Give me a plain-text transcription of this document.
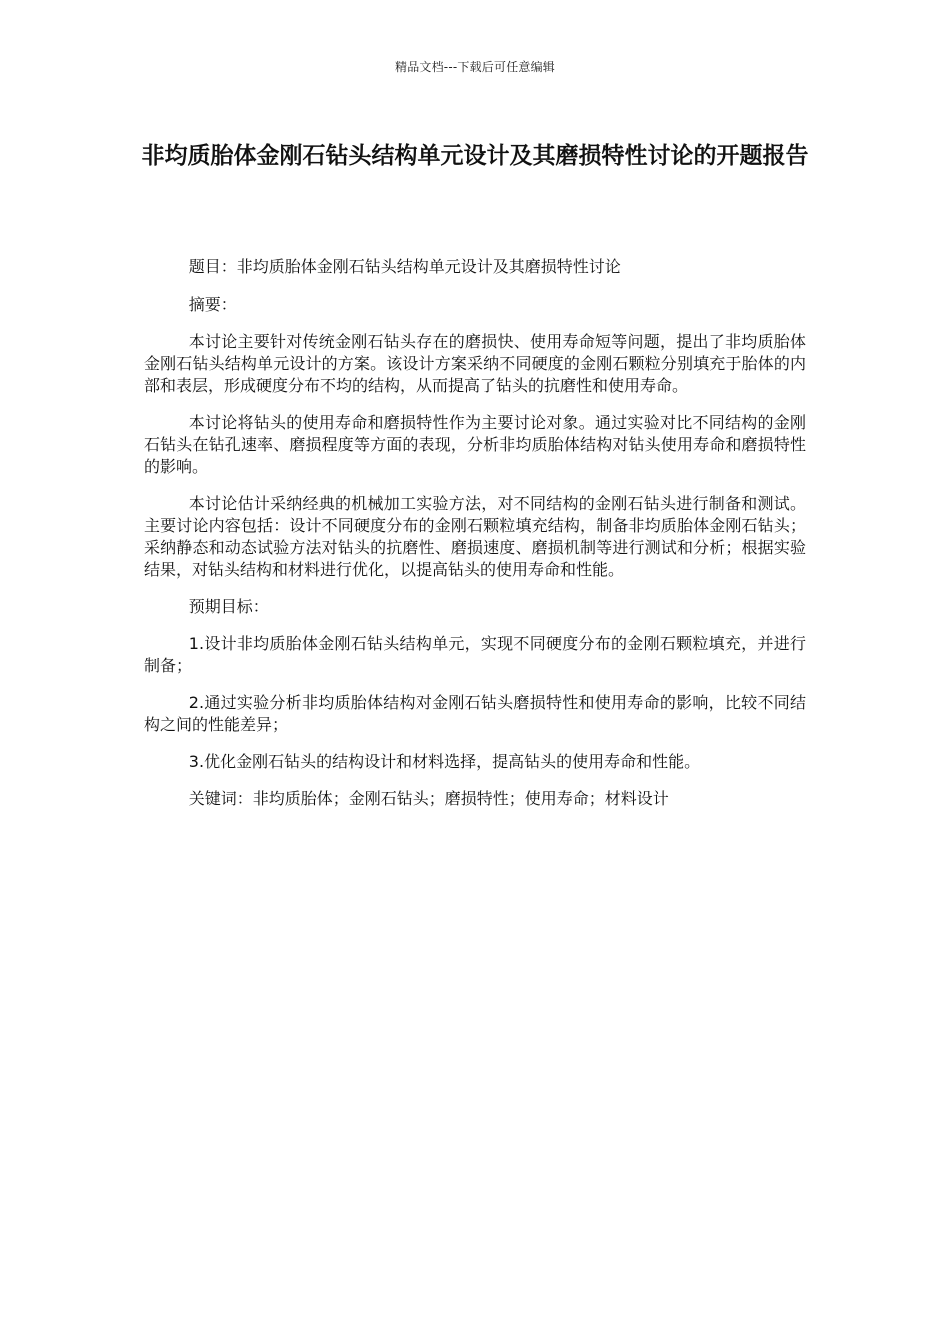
精品文档---下载后可任意编辑
非均质胎体金刚石钻头结构单元设计及其磨损特性讨论的开题报告

题目：非均质胎体金刚石钻头结构单元设计及其磨损特性讨论

摘要：

本讨论主要针对传统金刚石钻头存在的磨损快、使用寿命短等问题，提出了非均质胎体金刚石钻头结构单元设计的方案。该设计方案采纳不同硬度的金刚石颗粒分别填充于胎体的内部和表层，形成硬度分布不均的结构，从而提高了钻头的抗磨性和使用寿命。

本讨论将钻头的使用寿命和磨损特性作为主要讨论对象。通过实验对比不同结构的金刚石钻头在钻孔速率、磨损程度等方面的表现，分析非均质胎体结构对钻头使用寿命和磨损特性的影响。

本讨论估计采纳经典的机械加工实验方法，对不同结构的金刚石钻头进行制备和测试。主要讨论内容包括：设计不同硬度分布的金刚石颗粒填充结构，制备非均质胎体金刚石钻头；采纳静态和动态试验方法对钻头的抗磨性、磨损速度、磨损机制等进行测试和分析；根据实验结果，对钻头结构和材料进行优化，以提高钻头的使用寿命和性能。

预期目标：

1.设计非均质胎体金刚石钻头结构单元，实现不同硬度分布的金刚石颗粒填充，并进行制备；

2.通过实验分析非均质胎体结构对金刚石钻头磨损特性和使用寿命的影响，比较不同结构之间的性能差异；

3.优化金刚石钻头的结构设计和材料选择，提高钻头的使用寿命和性能。

关键词：非均质胎体；金刚石钻头；磨损特性；使用寿命；材料设计
